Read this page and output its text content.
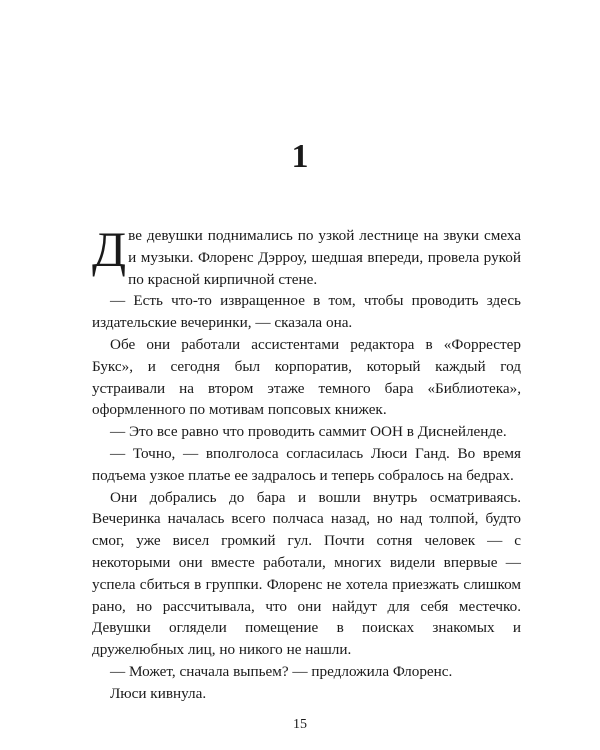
1

Две девушки поднимались по узкой лестнице на звуки смеха и музыки. Флоренс Дэрроу, шедшая впереди, провела рукой по красной кирпичной стене.

— Есть что-то извращенное в том, чтобы проводить здесь издательские вечеринки, — сказала она.

Обе они работали ассистентами редактора в «Форрестер Букс», и сегодня был корпоратив, который каждый год устраивали на втором этаже темного бара «Библиотека», оформленного по мотивам попсовых книжек.

— Это все равно что проводить саммит ООН в Диснейленде.

— Точно, — вполголоса согласилась Люси Ганд. Во время подъема узкое платье ее задралось и теперь собралось на бедрах.

Они добрались до бара и вошли внутрь осматриваясь. Вечеринка началась всего полчаса назад, но над толпой, будто смог, уже висел громкий гул. Почти сотня человек — с некоторыми они вместе работали, многих видели впервые — успела сбиться в группки. Флоренс не хотела приезжать слишком рано, но рассчитывала, что они найдут для себя местечко. Девушки оглядели помещение в поисках знакомых и дружелюбных лиц, но никого не нашли.

— Может, сначала выпьем? — предложила Флоренс.

Люси кивнула.

15
